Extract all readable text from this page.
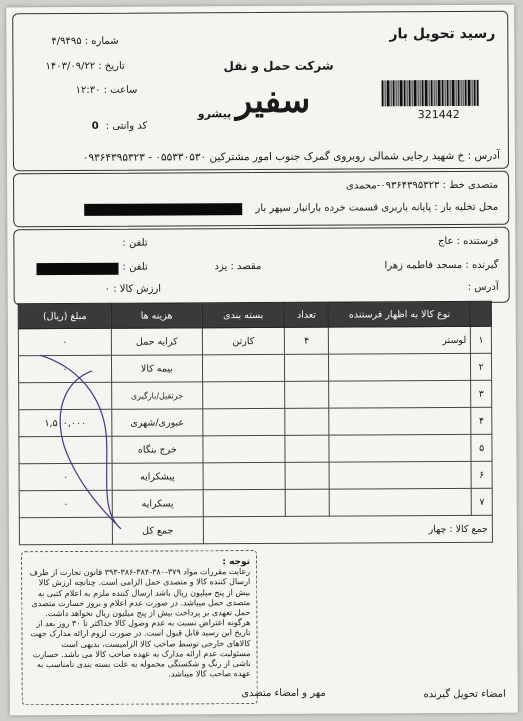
رسید تحویل بار
321442
شرکت حمل و نقل
سفیر
پیشرو
شماره : ۴/۹۴۹۵
تاریخ : ۱۴۰۳/۰۹/۲۲
ساعت : ۱۲:۳۰
کد وانتی :
0
آدرس : خ شهید رجایی شمالی روبروی گمرک جنوب امور مشترکین ۰۵۵۳۳۰۵۳۰ - ۰۹۳۶۴۳۹۵۳۲۳
متصدی خط : ۰۹۳۶۴۳۹۵۳۲۳-محمدی
محل تخلیه بار : پایانه باربری قسمت خرده بارانبار سپهر بار
فرستنده : عاج
تلفن :
گیرنده : مسجد فاطمه زهرا
مقصد : یزد
تلفن :
آدرس :
ارزش کالا : ۰
	نوع کالا به اظهار فرستنده	تعداد	بسته بندی	هزینه ها	مبلغ (ریال)
۱	لوستر	۴	کارتن	کرایه حمل	۰
۲				بیمه کالا	۰
۳				جرثقیل/بارگیری	۰
۴				عبوری/شهری	۱,۵۰۰,۰۰۰
۵				خرج بنگاه	۰
۶				پیشکرایه	۰
۷				پسکرایه	۰
جمع کالا : چهار				جمع کل	
توجه :
رعایت مقررات مواد ۳۷۹-۳۸۰-۳۸۴-۳۸۶-۳۹۳ قانون تجارت از طرف ارسال کننده کالا و متصدی حمل الزامی است. چنانچه ارزش کالا بیش از پنج میلیون ریال باشد ارسال کننده ملزم به اعلام کتبی به متصدی حمل میباشد. در صورت عدم اعلام و بروز خسارت متصدی حمل تعهدی بر پرداخت بیش از پنج میلیون ریال نخواهد داشت. هرگونه اعتراض نسبت به عدم وصول کالا حداکثر تا ۳۰ روز بعد از تاریخ این رسید قابل قبول است. در صورت لزوم ارائه مدارک جهت کالاهای خارجی توسط صاحب کالا الزامیست، بدیهی است مسئولیت عدم ارائه مدارک به عهده صاحب کالا می باشد. خسارت ناشی از رنگ و شکستگی محموله به علت بسته بندی نامناسب به عهده صاحب کالا میباشد.
امضاء تحویل گیرنده
مهر و امضاء متصدی
